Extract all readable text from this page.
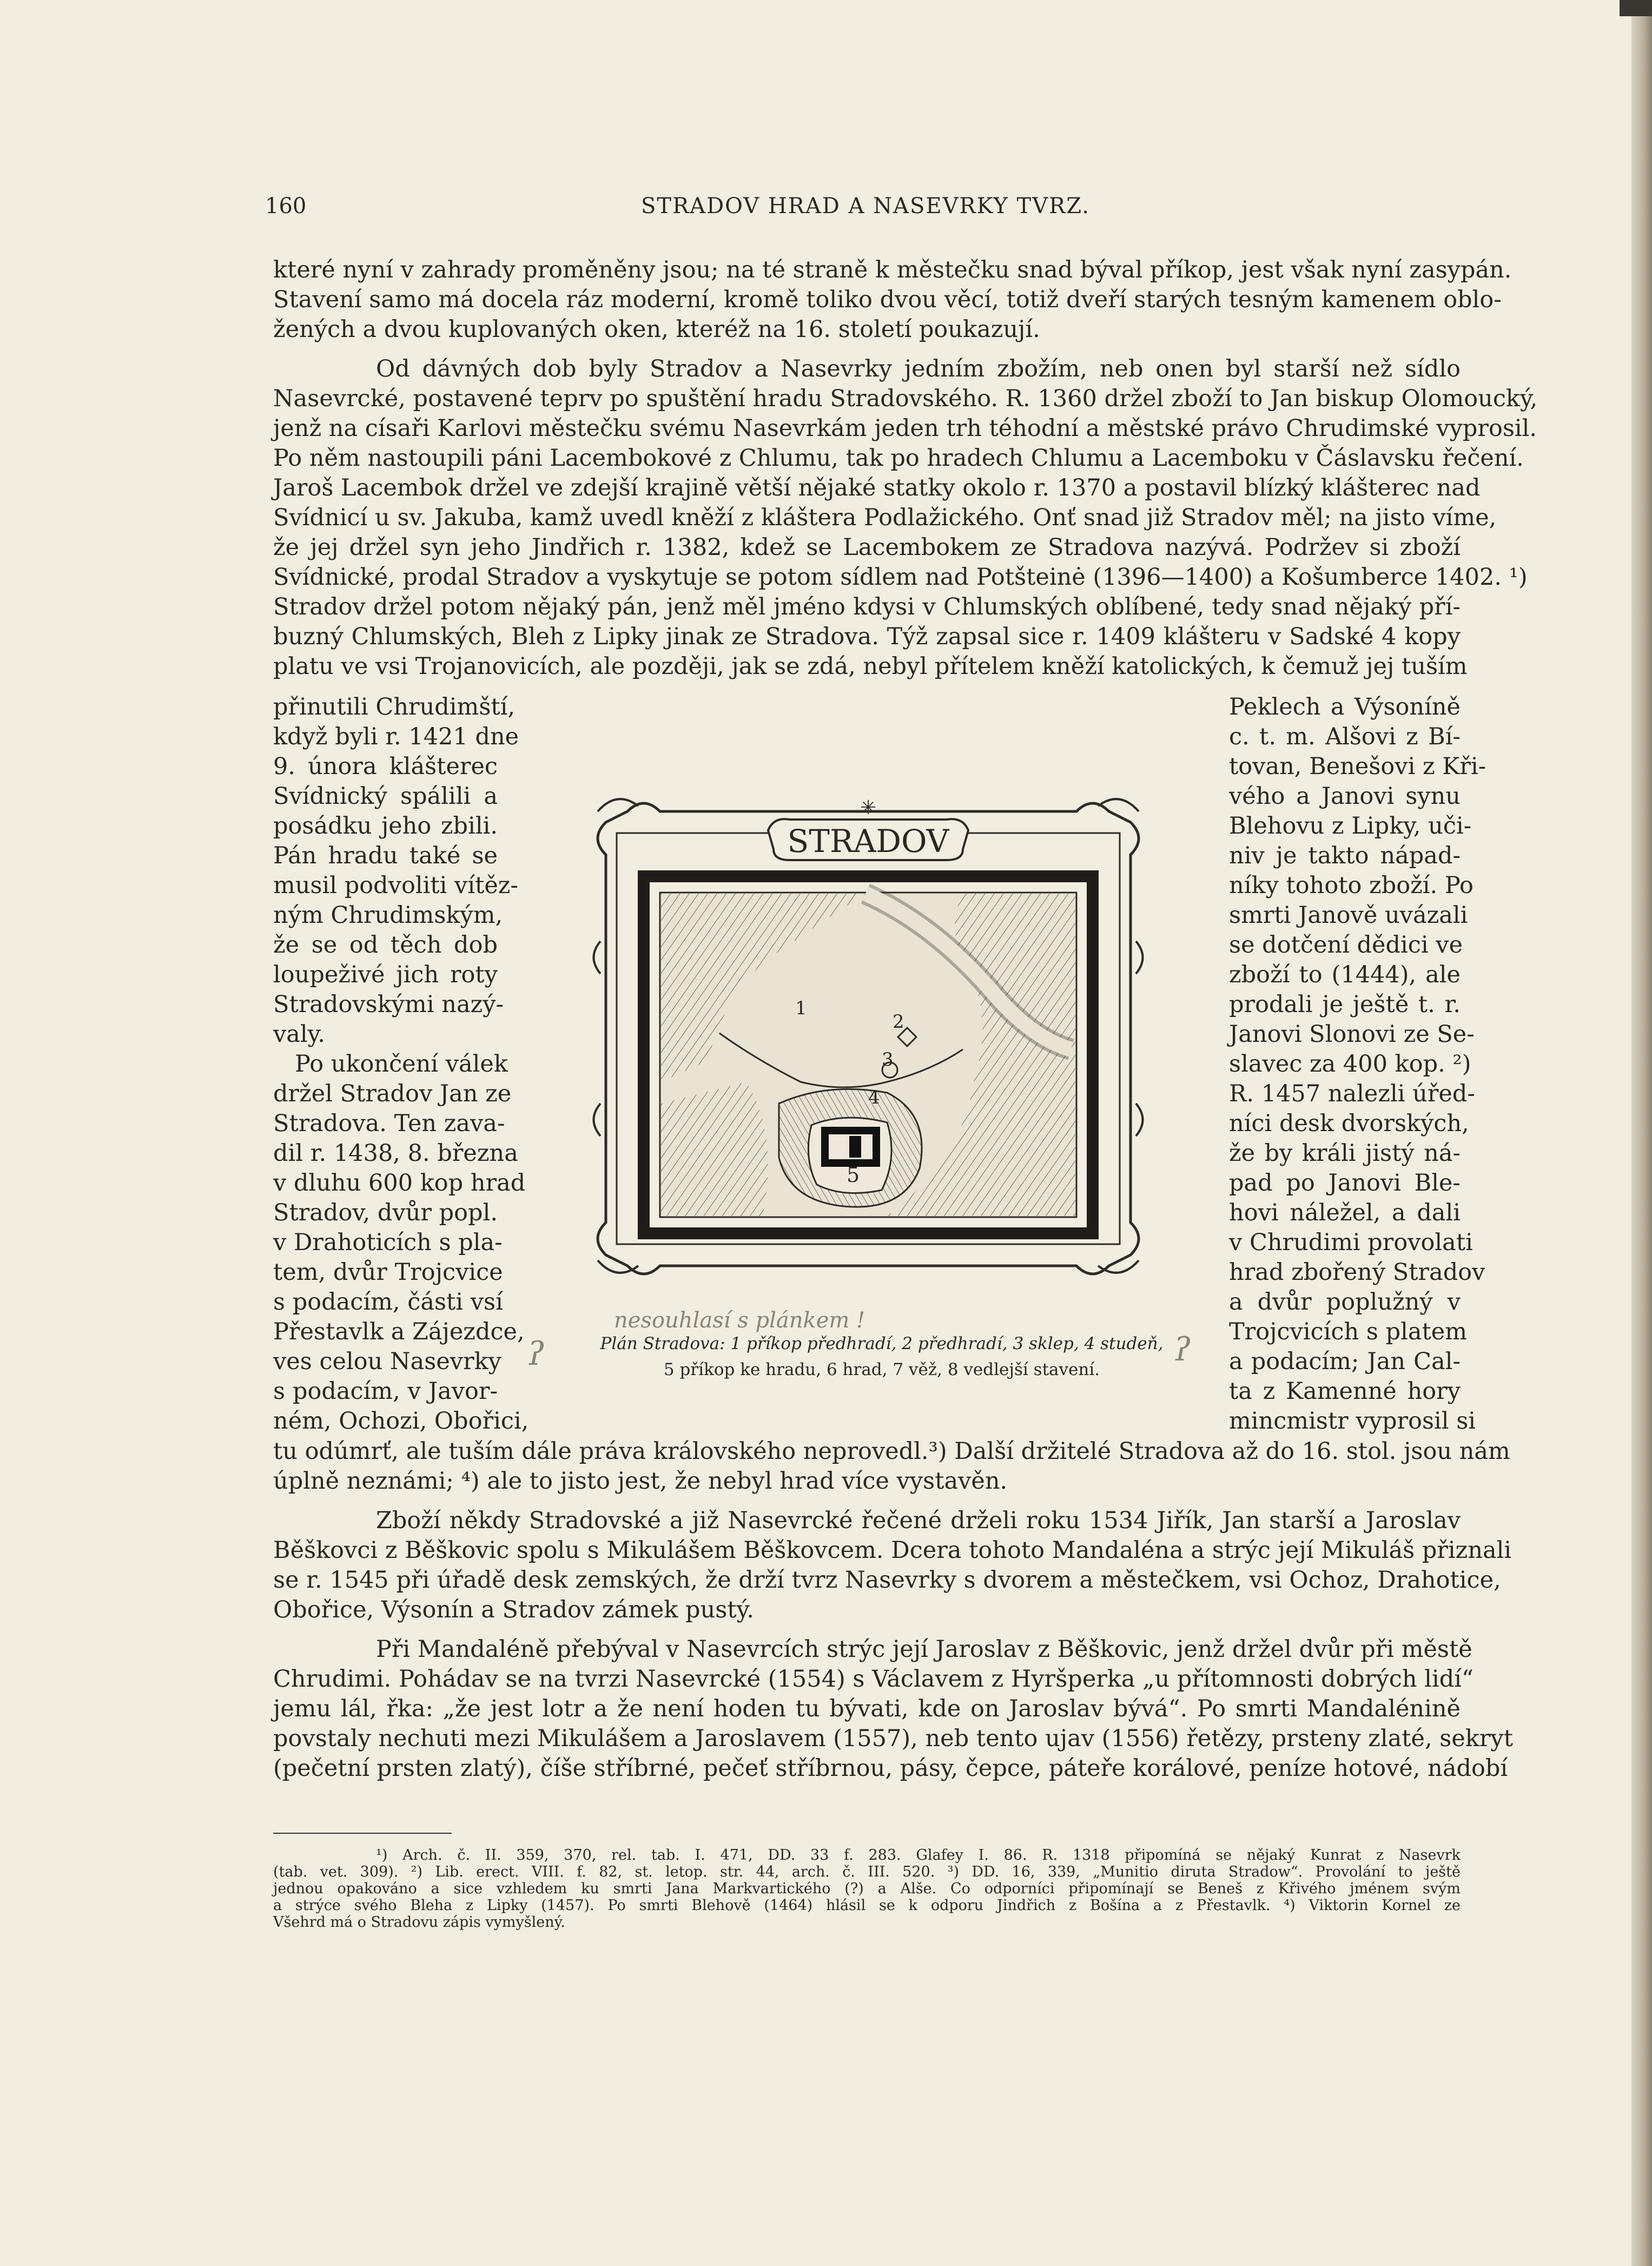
160	STRADOV HRAD A NASEVRKY TVRZ.
které nyní v zahrady proměněny jsou; na té straně k městečku snad býval příkop, jest však nyní zasypán.
Stavení samo má docela ráz moderní, kromě toliko dvou věcí, totiž dveří starých tesným kamenem oblo-
žených a dvou kuplovaných oken, kteréž na 16. století poukazují.
Od dávných dob byly Stradov a Nasevrky jedním zbožím, neb onen byl starší než sídlo
Nasevrcké, postavené teprv po spuštění hradu Stradovského. R. 1360 držel zboží to Jan biskup Olomoucký,
jenž na císaři Karlovi městečku svému Nasevrkám jeden trh téhodní a městské právo Chrudimské vyprosil.
Po něm nastoupili páni Lacembokové z Chlumu, tak po hradech Chlumu a Lacemboku v Čáslavsku řečení.
Jaroš Lacembok držel ve zdejší krajině větší nějaké statky okolo r. 1370 a postavil blízký klášterec nad
Svídnicí u sv. Jakuba, kamž uvedl kněží z kláštera Podlažického. Onť snad již Stradov měl; na jisto víme,
že jej držel syn jeho Jindřich r. 1382, kdež se Lacembokem ze Stradova nazývá. Podržev si zboží
Svídnické, prodal Stradov a vyskytuje se potom sídlem nad Potšteinė (1396—1400) a Košumberce 1402. ¹)
Stradov držel potom nějaký pán, jenž měl jméno kdysi v Chlumských oblíbené, tedy snad nějaký pří-
buzný Chlumských, Bleh z Lipky jinak ze Stradova. Týž zapsal sice r. 1409 klášteru v Sadské 4 kopy
platu ve vsi Trojanovicích, ale později, jak se zdá, nebyl přítelem kněží katolických, k čemuž jej tuším
přinutili Chrudimští,
když byli r. 1421 dne
9. února klášterec
Svídnický spálili a
posádku jeho zbili.
Pán hradu také se
musil podvoliti vítěz-
ným Chrudimským,
že se od těch dob
loupeživé jich roty
Stradovskými nazý-
valy.
Po ukončení válek
držel Stradov Jan ze
Stradova. Ten zava-
dil r. 1438, 8. března
v dluhu 600 kop hrad
Stradov, dvůr popl.
v Drahoticích s pla-
tem, dvůr Trojcvice
s podacím, části vsí
Přestavlk a Zájezdce,
ves celou Nasevrky
s podacím, v Javor-
ném, Ochozi, Obořici,
Peklech a Výsoníně
c. t. m. Alšovi z Bí-
tovan, Benešovi z Kři-
vého a Janovi synu
Blehovu z Lipky, uči-
niv je takto nápad-
níky tohoto zboží. Po
smrti Janově uvázali
se dotčení dědici ve
zboží to (1444), ale
prodali je ještě t. r.
Janovi Slonovi ze Se-
slavec za 400 kop. ²)
R. 1457 nalezli úřed-
níci desk dvorských,
že by králi jistý ná-
pad po Janovi Ble-
hovi náležel, a dali
v Chrudimi provolati
hrad zbořený Stradov
a dvůr poplužný v
Trojcvicích s platem
a podacím; Jan Cal-
ta z Kamenné hory
mincmistr vyprosil si
STRADOV
✳
1
2
3
4
5
nesouhlasí s plánkem !
ʔ	ʔ
Plán Stradova: 1 příkop předhradí, 2 předhradí, 3 sklep, 4 studeň,
5 příkop ke hradu, 6 hrad, 7 věž, 8 vedlejší stavení.
tu odúmrť, ale tuším dále práva královského neprovedl.³) Další držitelé Stradova až do 16. stol. jsou nám
úplně neznámi; ⁴) ale to jisto jest, že nebyl hrad více vystavěn.
Zboží někdy Stradovské a již Nasevrcké řečené drželi roku 1534 Jiřík, Jan starší a Jaroslav
Běškovci z Běškovic spolu s Mikulášem Běškovcem. Dcera tohoto Mandaléna a strýc její Mikuláš přiznali
se r. 1545 při úřadě desk zemských, že drží tvrz Nasevrky s dvorem a městečkem, vsi Ochoz, Drahotice,
Obořice, Výsonín a Stradov zámek pustý.
Při Mandaléně přebýval v Nasevrcích strýc její Jaroslav z Běškovic, jenž držel dvůr při městě
Chrudimi. Pohádav se na tvrzi Nasevrcké (1554) s Václavem z Hyršperka „u přítomnosti dobrých lidí“
jemu lál, řka: „že jest lotr a že není hoden tu bývati, kde on Jaroslav bývá“. Po smrti Mandalénině
povstaly nechuti mezi Mikulášem a Jaroslavem (1557), neb tento ujav (1556) řetězy, prsteny zlaté, sekryt
(pečetní prsten zlatý), číše stříbrné, pečeť stříbrnou, pásy, čepce, páteře korálové, peníze hotové, nádobí
¹) Arch. č. II. 359, 370, rel. tab. I. 471, DD. 33 f. 283. Glafey I. 86. R. 1318 připomíná se nějaký Kunrat z Nasevrk
(tab. vet. 309). ²) Lib. erect. VIII. f. 82, st. letop. str. 44, arch. č. III. 520. ³) DD. 16, 339, „Munitio diruta Stradow“. Provolání to ještě
jednou opakováno a sice vzhledem ku smrti Jana Markvartického (?) a Alše. Co odporníci připomínají se Beneš z Křivého jménem svým
a strýce svého Bleha z Lipky (1457). Po smrti Blehově (1464) hlásil se k odporu Jindřich z Bošína a z Přestavlk. ⁴) Viktorin Kornel ze
Všehrd má o Stradovu zápis vymyšlený.
